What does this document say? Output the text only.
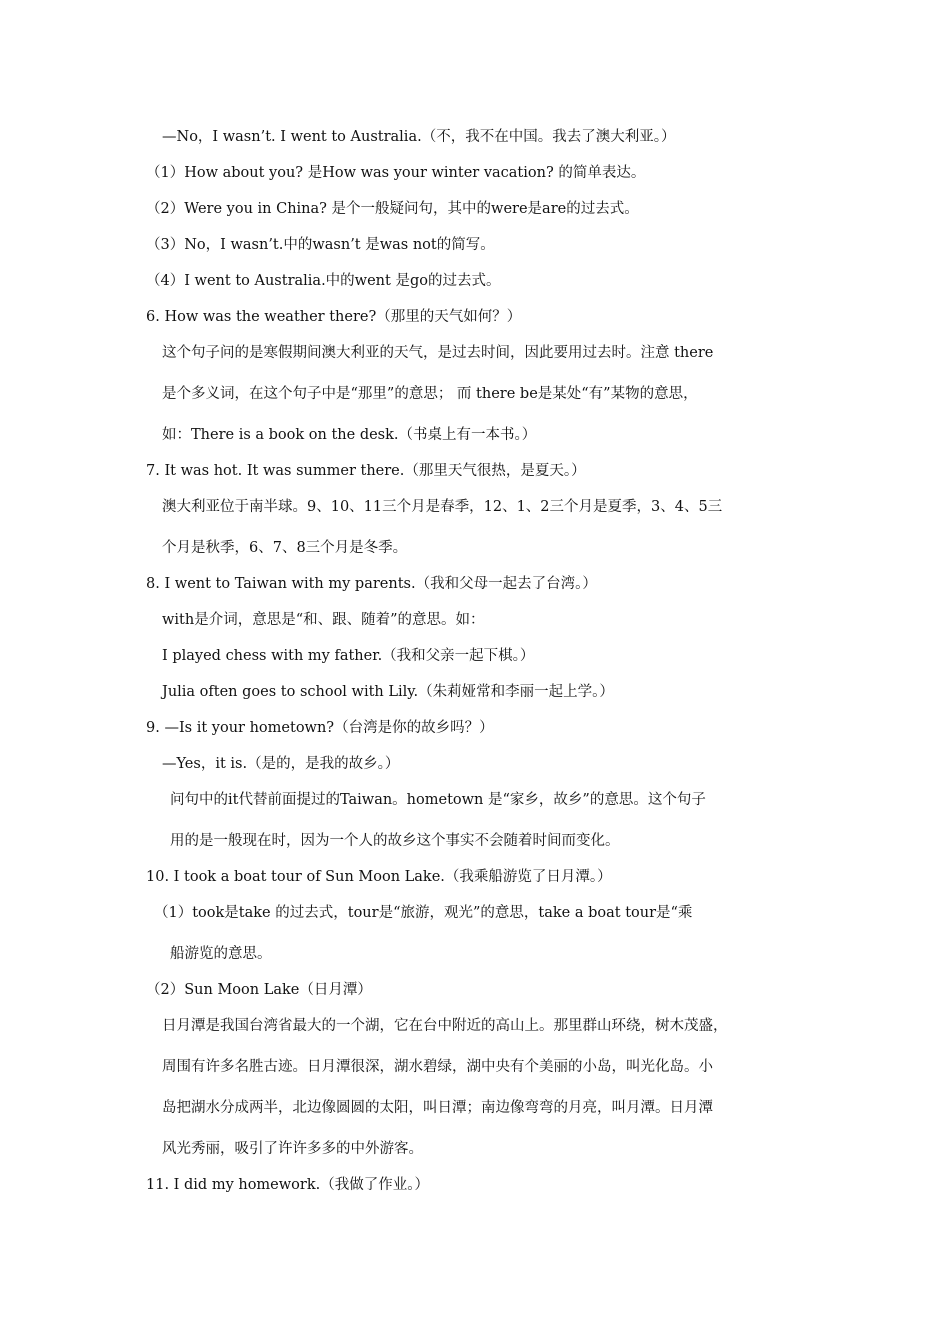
—No，I wasn’t. I went to Australia.（不，我不在中国。我去了澳大利亚。）
（1）How about you? 是How was your winter vacation? 的简单表达。
（2）Were you in China? 是个一般疑问句，其中的were是are的过去式。
（3）No，I wasn’t.中的wasn’t 是was not的简写。
（4）I went to Australia.中的went 是go的过去式。
6. How was the weather there?（那里的天气如何？）
这个句子问的是寒假期间澳大利亚的天气，是过去时间，因此要用过去时。注意 there
是个多义词，在这个句子中是“那里”的意思； 而 there be是某处“有”某物的意思，
如：There is a book on the desk.（书桌上有一本书。）
7. It was hot. It was summer there.（那里天气很热，是夏天。）
澳大利亚位于南半球。9、10、11三个月是春季，12、1、2三个月是夏季，3、4、5三
个月是秋季，6、7、8三个月是冬季。
8. I went to Taiwan with my parents.（我和父母一起去了台湾。）
with是介词，意思是“和、跟、随着”的意思。如：
I played chess with my father.（我和父亲一起下棋。）
Julia often goes to school with Lily.（朱莉娅常和李丽一起上学。）
9. —Is it your hometown?（台湾是你的故乡吗？）
—Yes，it is.（是的，是我的故乡。）
问句中的it代替前面提过的Taiwan。hometown 是“家乡，故乡”的意思。这个句子
用的是一般现在时，因为一个人的故乡这个事实不会随着时间而变化。
10. I took a boat tour of Sun Moon Lake.（我乘船游览了日月潭。）
（1）took是take 的过去式，tour是“旅游，观光”的意思，take a boat tour是“乘
船游览的意思。
（2）Sun Moon Lake（日月潭）
日月潭是我国台湾省最大的一个湖，它在台中附近的高山上。那里群山环绕，树木茂盛，
周围有许多名胜古迹。日月潭很深，湖水碧绿，湖中央有个美丽的小岛，叫光化岛。小
岛把湖水分成两半，北边像圆圆的太阳，叫日潭；南边像弯弯的月亮，叫月潭。日月潭
风光秀丽，吸引了许许多多的中外游客。
11. I did my homework.（我做了作业。）
